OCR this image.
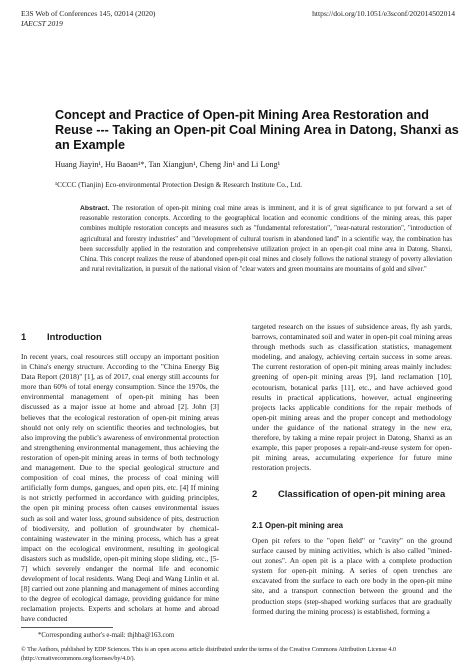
E3S Web of Conferences 145, 02014 (2020)
IAECST 2019
https://doi.org/10.1051/e3sconf/202014502014
Concept and Practice of Open-pit Mining Area Restoration and Reuse --- Taking an Open-pit Coal Mining Area in Datong, Shanxi as an Example
Huang Jiayin¹, Hu Baoan¹*, Tan Xiangjun¹, Cheng Jin¹ and Li Long¹
¹CCCC (Tianjin) Eco-environmental Protection Design & Research Institute Co., Ltd.
Abstract. The restoration of open-pit mining coal mine areas is imminent, and it is of great significance to put forward a set of reasonable restoration concepts. According to the geographical location and economic conditions of the mining areas, this paper combines multiple restoration concepts and measures such as "fundamental reforestation", "near-natural restoration", "introduction of agricultural and forestry industries" and "development of cultural tourism in abandoned land" in a scientific way, the combination has been successfully applied in the restoration and comprehensive utilization project in an open-pit coal mine area in Datong, Shanxi, China. This concept realizes the reuse of abandoned open-pit coal mines and closely follows the national strategy of poverty alleviation and rural revitalization, in pursuit of the national vision of "clear waters and green mountains are mountains of gold and silver."
1 Introduction

In recent years, coal resources still occupy an important position in China's energy structure. According to the "China Energy Big Data Report (2018)" [1], as of 2017, coal energy still accounts for more than 60% of total energy consumption. Since the 1970s, the environmental management of open-pit mining has been discussed as a major issue at home and abroad [2]. John [3] believes that the ecological restoration of open-pit mining areas should not only rely on scientific theories and technologies, but also improving the public's awareness of environmental protection and strengthening environmental management, thus achieving the restoration of open-pit mining areas in terms of both technology and management. Due to the special geological structure and composition of coal mines, the process of coal mining will artificially form dumps, gangues, and open pits, etc. [4] If mining is not strictly performed in accordance with guiding principles, the open pit mining process often causes environmental issues such as soil and water loss, ground subsidence of pits, destruction of biodiversity, and pollution of groundwater by chemical-containing wastewater in the mining process, which has a great impact on the ecological environment, resulting in geological disasters such as mudslide, open-pit mining slope sliding, etc., [5-7] which severely endanger the normal life and economic development of local residents. Wang Deqi and Wang Linlin et al. [8] carried out zone planning and management of mines according to the degree of ecological damage, providing guidance for mine reclamation projects. Experts and scholars at home and abroad have conducted

targeted research on the issues of subsidence areas, fly ash yards, barrows, contaminated soil and water in open-pit coal mining areas through methods such as classification statistics, management modeling, and analogy, achieving certain success in some areas. The current restoration of open-pit mining areas mainly includes: greening of open-pit mining areas [9], land reclamation [10], ecotourism, botanical parks [11], etc., and have achieved good results in practical applications, however, actual engineering projects lacks applicable conditions for the repair methods of open-pit mining areas and the proper concept and methodology under the guidance of the national strategy in the new era, therefore, by taking a mine repair project in Datong, Shanxi as an example, this paper proposes a repair-and-reuse system for open-pit mining areas, accumulating experience for future mine restoration projects.

2 Classification of open-pit mining area
2.1 Open-pit mining area

Open pit refers to the "open field" or "cavity" on the ground surface caused by mining activities, which is also called "mined-out zones". An open pit is a place with a complete production system for open-pit mining. A series of open trenches are excavated from the surface to each ore body in the open-pit mine site, and a transport connection between the ground and the production steps (step-shaped working surfaces that are gradually formed during the mining process) is established, forming a

*Corresponding author's e-mail: thjhba@163.com
© The Authors, published by EDP Sciences. This is an open access article distributed under the terms of the Creative Commons Attribution License 4.0 (http://creativecommons.org/licenses/by/4.0/).
